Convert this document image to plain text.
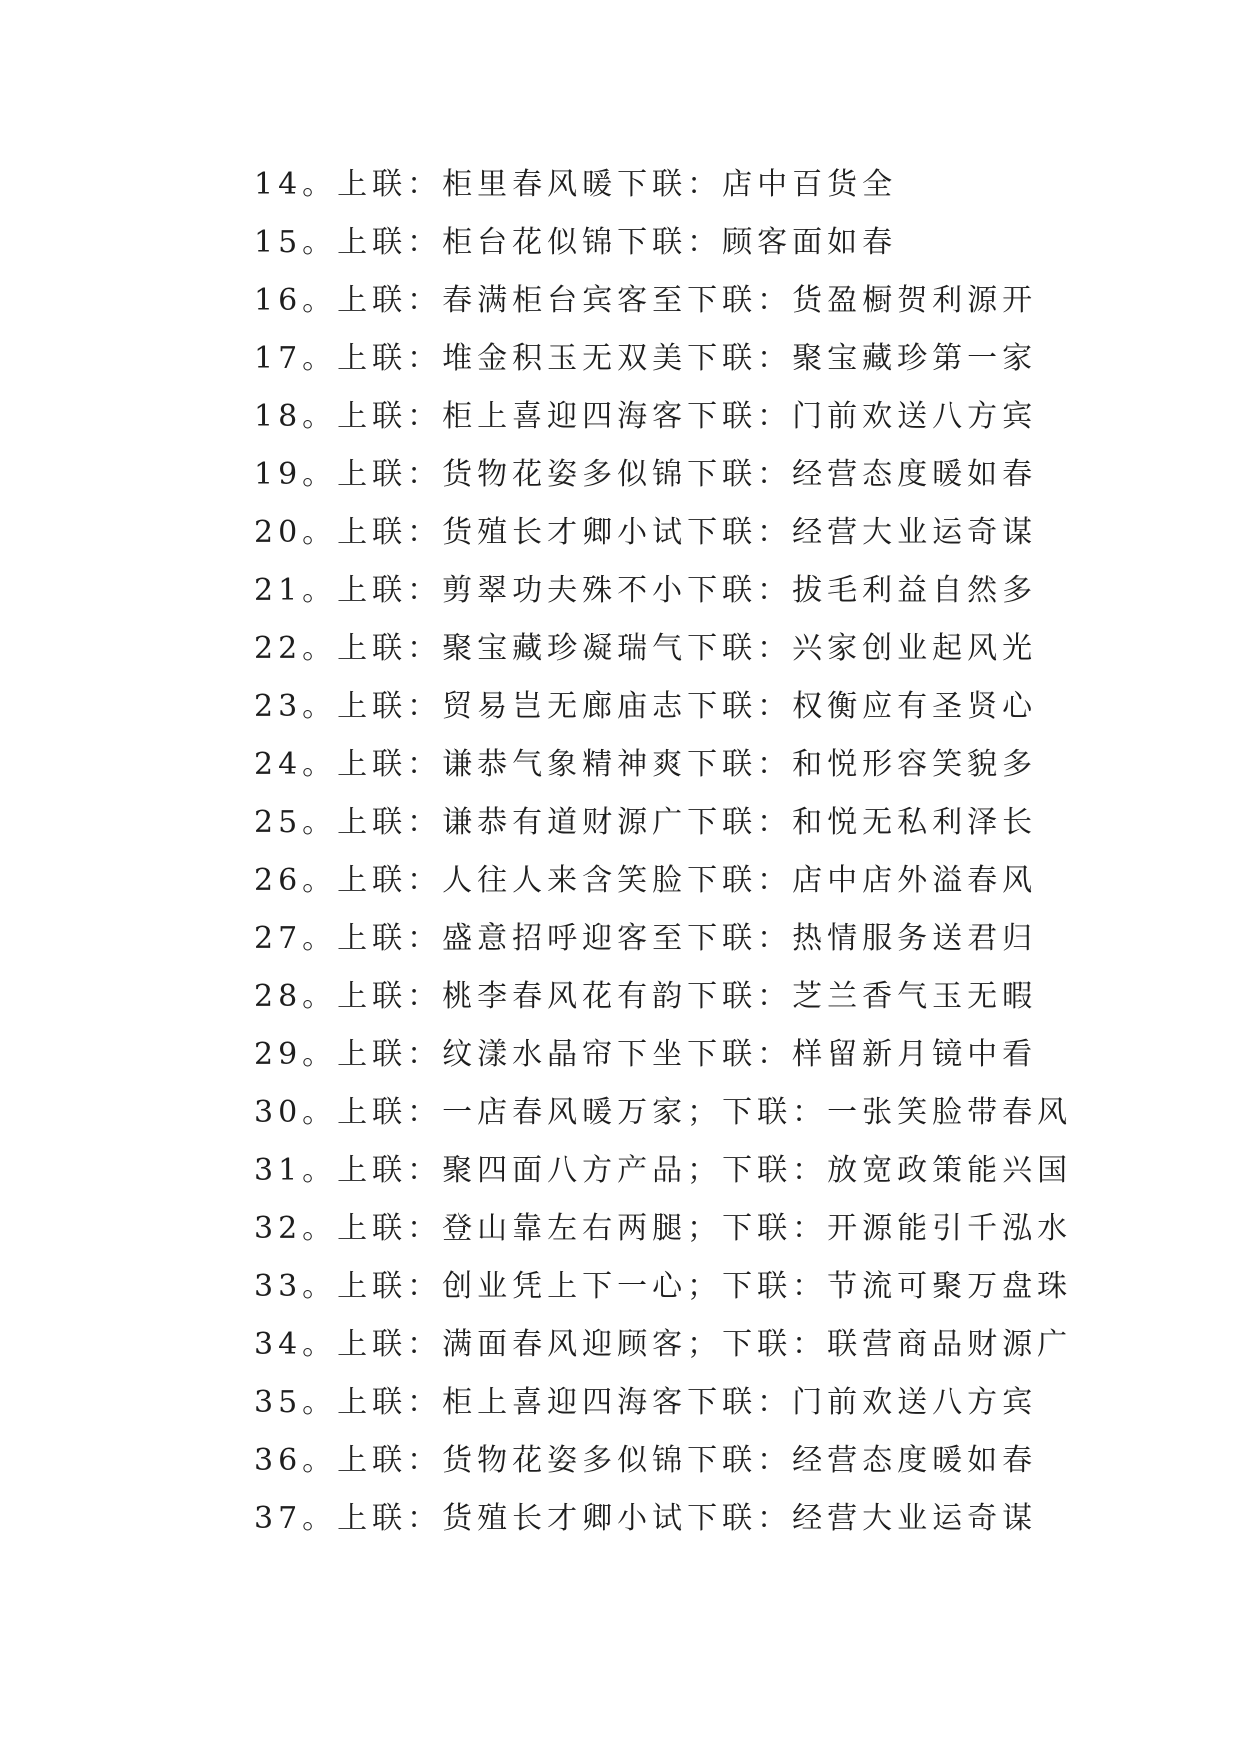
14。上联：柜里春风暖下联：店中百货全
15。上联：柜台花似锦下联：顾客面如春
16。上联：春满柜台宾客至下联：货盈橱贺利源开
17。上联：堆金积玉无双美下联：聚宝藏珍第一家
18。上联：柜上喜迎四海客下联：门前欢送八方宾
19。上联：货物花姿多似锦下联：经营态度暖如春
20。上联：货殖长才卿小试下联：经营大业运奇谋
21。上联：剪翠功夫殊不小下联：拔毛利益自然多
22。上联：聚宝藏珍凝瑞气下联：兴家创业起风光
23。上联：贸易岂无廊庙志下联：权衡应有圣贤心
24。上联：谦恭气象精神爽下联：和悦形容笑貌多
25。上联：谦恭有道财源广下联：和悦无私利泽长
26。上联：人往人来含笑脸下联：店中店外溢春风
27。上联：盛意招呼迎客至下联：热情服务送君归
28。上联：桃李春风花有韵下联：芝兰香气玉无暇
29。上联：纹漾水晶帘下坐下联：样留新月镜中看
30。上联：一店春风暖万家；下联：一张笑脸带春风
31。上联：聚四面八方产品；下联：放宽政策能兴国
32。上联：登山靠左右两腿；下联：开源能引千泓水
33。上联：创业凭上下一心；下联：节流可聚万盘珠
34。上联：满面春风迎顾客；下联：联营商品财源广
35。上联：柜上喜迎四海客下联：门前欢送八方宾
36。上联：货物花姿多似锦下联：经营态度暖如春
37。上联：货殖长才卿小试下联：经营大业运奇谋
